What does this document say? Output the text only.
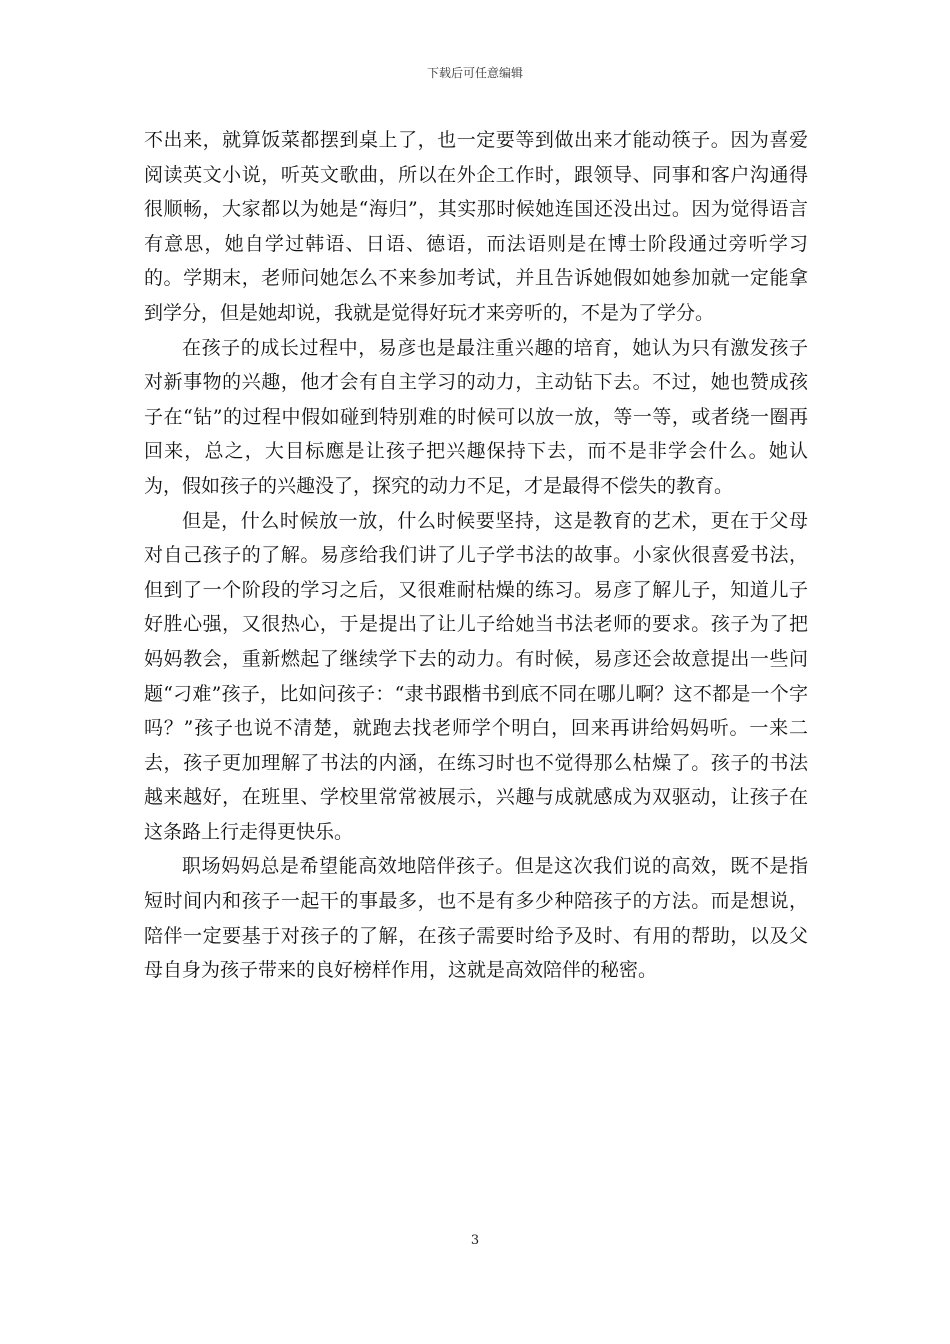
下载后可任意编辑

不出来，就算饭菜都摆到桌上了，也一定要等到做出来才能动筷子。因为喜爱阅读英文小说，听英文歌曲，所以在外企工作时，跟领导、同事和客户沟通得很顺畅，大家都以为她是“海归”，其实那时候她连国还没出过。因为觉得语言有意思，她自学过韩语、日语、德语，而法语则是在博士阶段通过旁听学习的。学期末，老师问她怎么不来参加考试，并且告诉她假如她参加就一定能拿到学分，但是她却说，我就是觉得好玩才来旁听的，不是为了学分。

在孩子的成长过程中，易彦也是最注重兴趣的培育，她认为只有激发孩子对新事物的兴趣，他才会有自主学习的动力，主动钻下去。不过，她也赞成孩子在“钻”的过程中假如碰到特别难的时候可以放一放，等一等，或者绕一圈再回来，总之，大目标應是让孩子把兴趣保持下去，而不是非学会什么。她认为，假如孩子的兴趣没了，探究的动力不足，才是最得不偿失的教育。

但是，什么时候放一放，什么时候要坚持，这是教育的艺术，更在于父母对自己孩子的了解。易彦给我们讲了儿子学书法的故事。小家伙很喜爱书法，但到了一个阶段的学习之后，又很难耐枯燥的练习。易彦了解儿子，知道儿子好胜心强，又很热心，于是提出了让儿子给她当书法老师的要求。孩子为了把妈妈教会，重新燃起了继续学下去的动力。有时候，易彦还会故意提出一些问题“刁难”孩子，比如问孩子：“隶书跟楷书到底不同在哪儿啊？这不都是一个字吗？”孩子也说不清楚，就跑去找老师学个明白，回来再讲给妈妈听。一来二去，孩子更加理解了书法的内涵，在练习时也不觉得那么枯燥了。孩子的书法越来越好，在班里、学校里常常被展示，兴趣与成就感成为双驱动，让孩子在这条路上行走得更快乐。

职场妈妈总是希望能高效地陪伴孩子。但是这次我们说的高效，既不是指短时间内和孩子一起干的事最多，也不是有多少种陪孩子的方法。而是想说，陪伴一定要基于对孩子的了解，在孩子需要时给予及时、有用的帮助，以及父母自身为孩子带来的良好榜样作用，这就是高效陪伴的秘密。

3
